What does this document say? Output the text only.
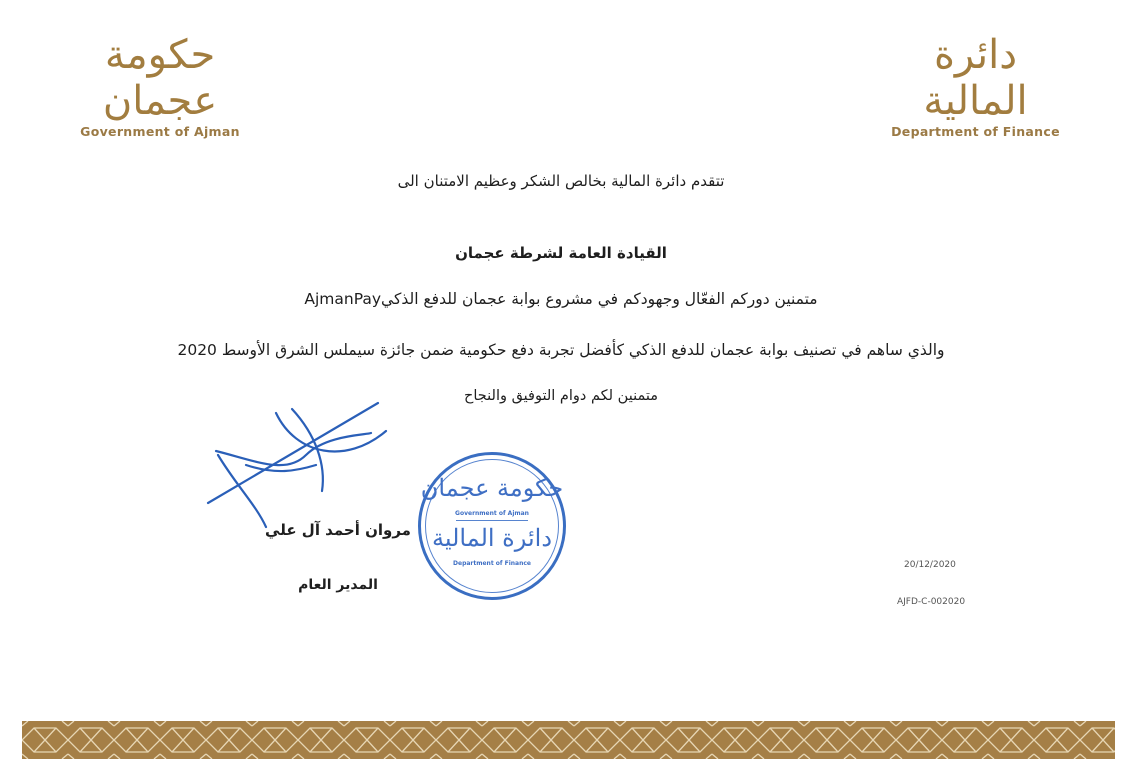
حكومة عجمان
Government of Ajman
دائرة المالية
Department of Finance
تتقدم دائرة المالية بخالص الشكر وعظيم الامتنان الى
القيادة العامة لشرطة عجمان
متمنين دوركم الفعّال وجهودكم في مشروع بوابة عجمان للدفع الذكيAjmanPay
والذي ساهم في تصنيف بوابة عجمان للدفع الذكي كأفضل تجربة دفع حكومية ضمن جائزة سيملس الشرق الأوسط 2020
متمنين لكم دوام التوفيق والنجاح
مروان أحمد آل علي
المدير العام
حكومة عجمان
Government of Ajman
دائرة المالية
Department of Finance	20/12/2020
AJFD-C-002020
